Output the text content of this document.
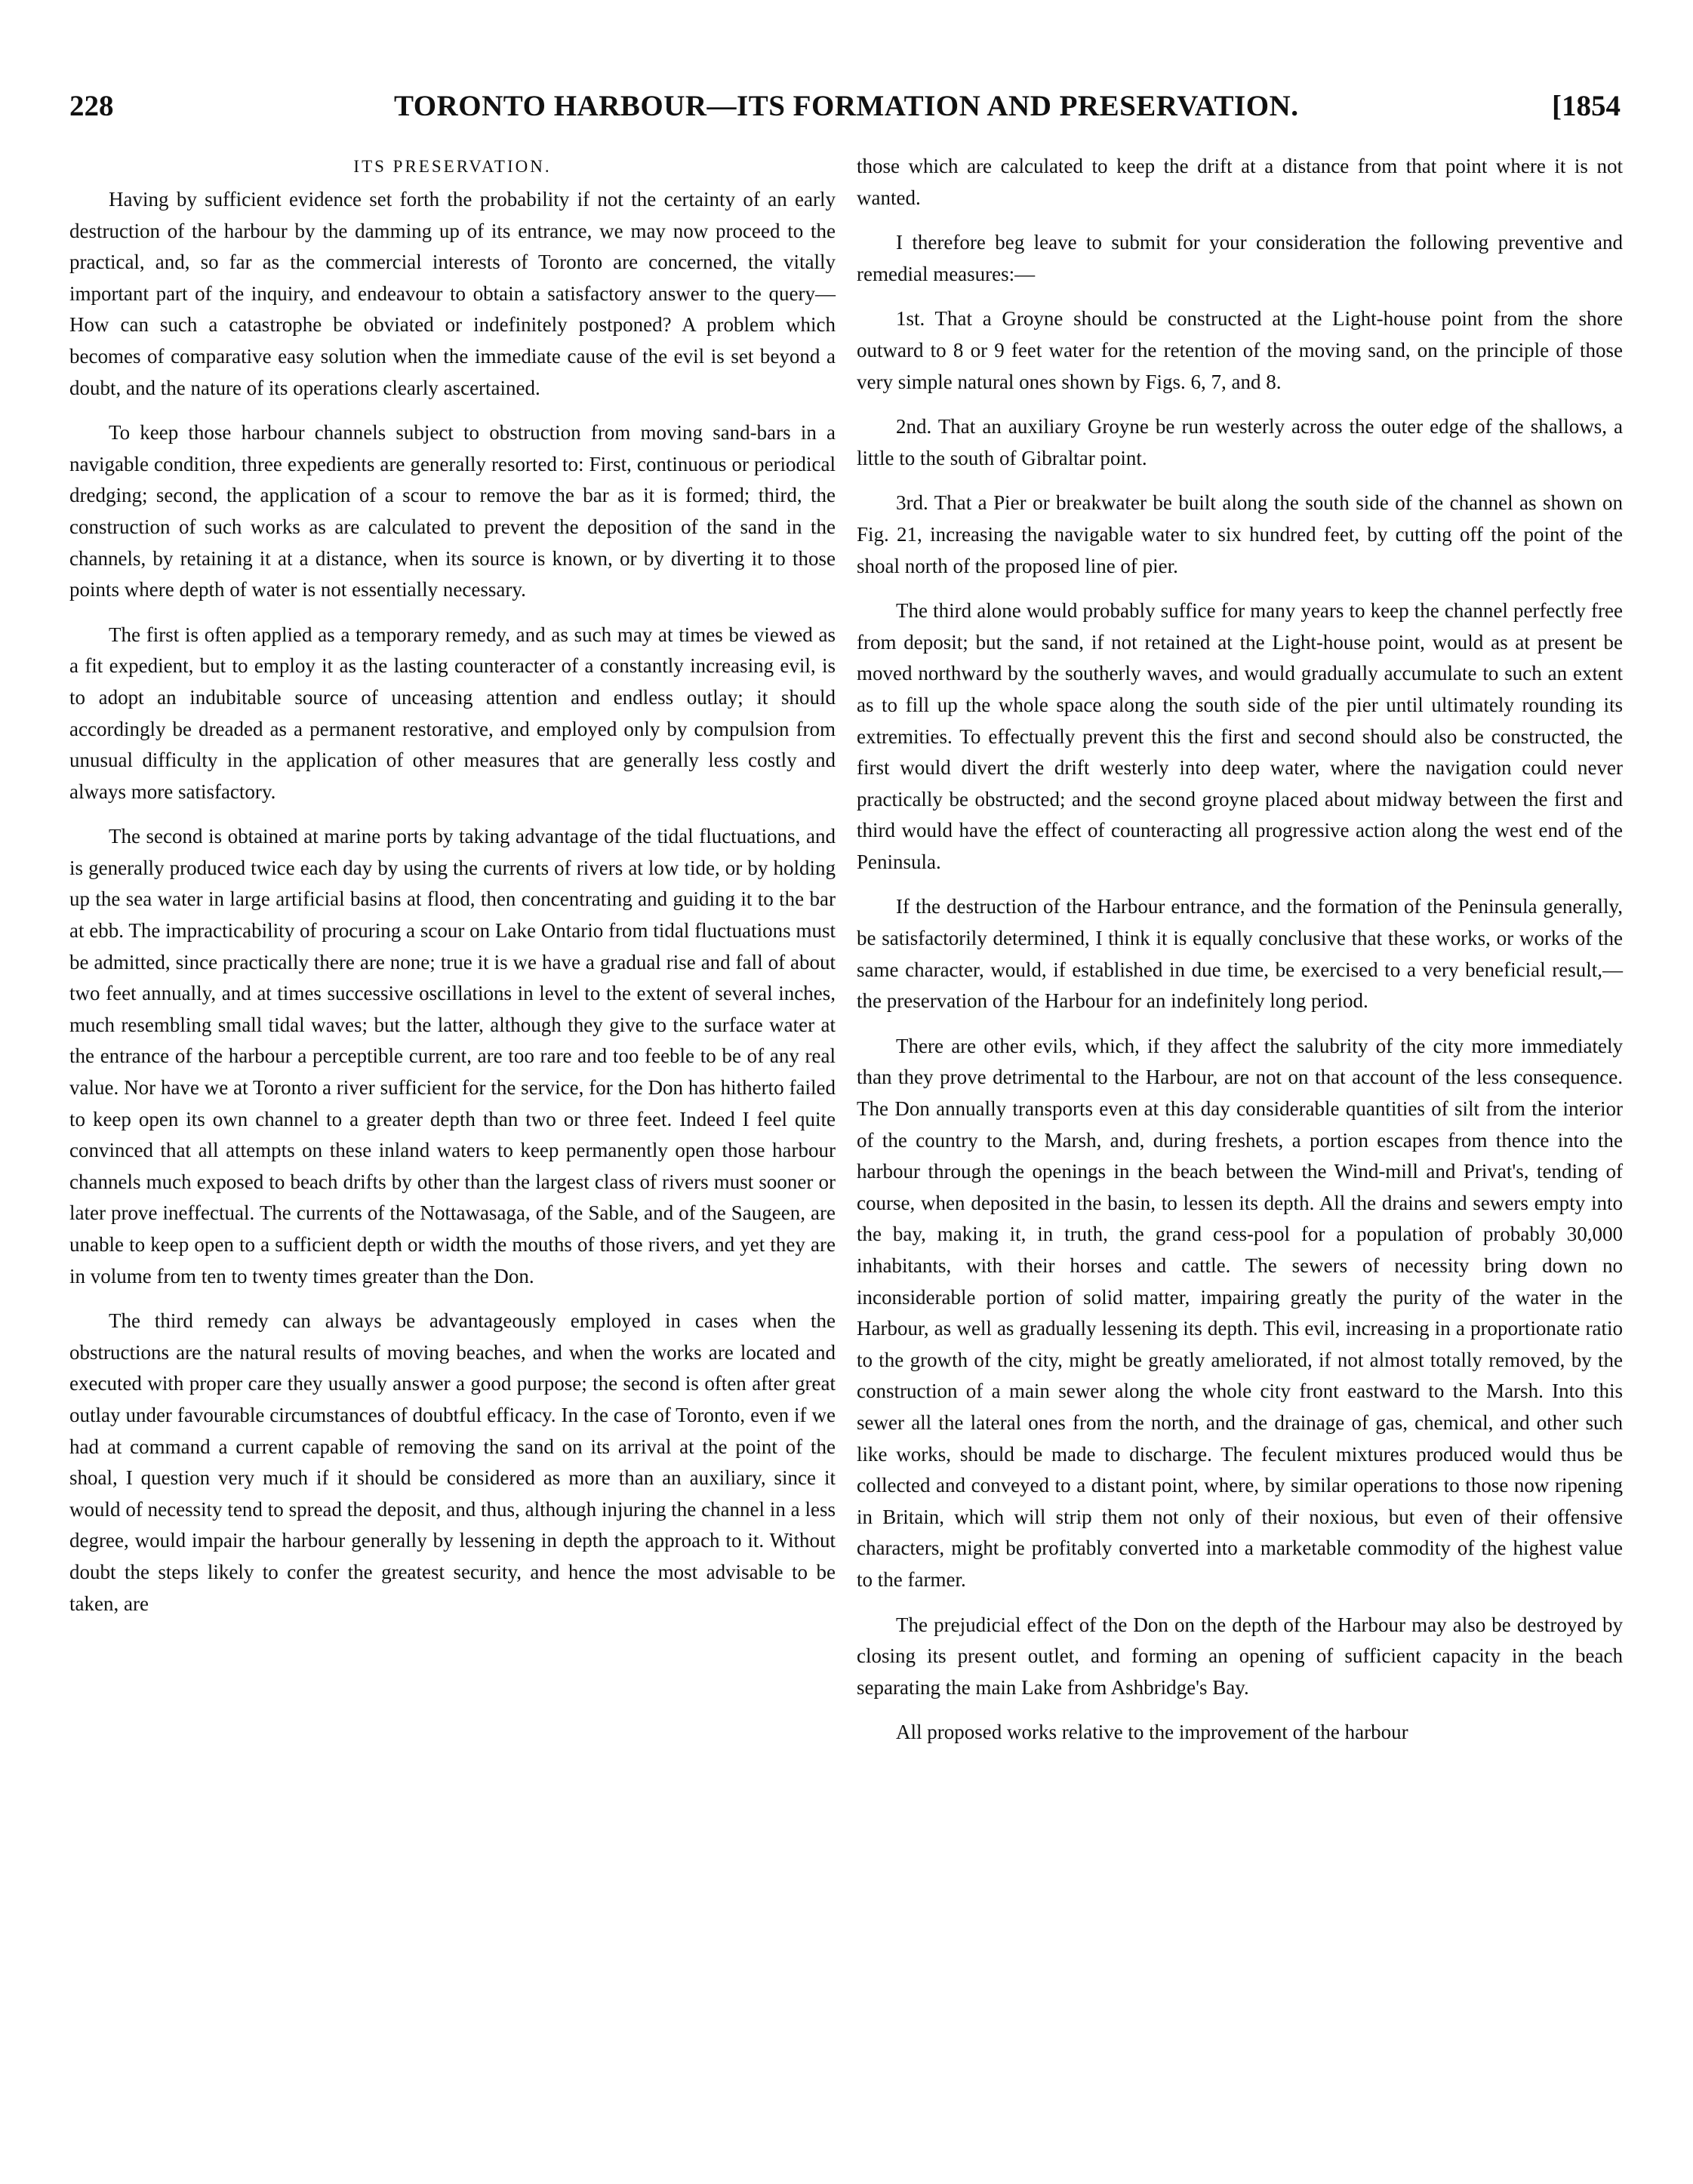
228	TORONTO HARBOUR—ITS FORMATION AND PRESERVATION.	[1854
ITS PRESERVATION.

Having by sufficient evidence set forth the probability if not the certainty of an early destruction of the harbour by the damming up of its entrance, we may now proceed to the practical, and, so far as the commercial interests of Toronto are concerned, the vitally important part of the inquiry, and endeavour to obtain a satisfactory answer to the query—How can such a catastrophe be obviated or indefinitely postponed? A problem which becomes of comparative easy solution when the immediate cause of the evil is set beyond a doubt, and the nature of its operations clearly ascertained.

To keep those harbour channels subject to obstruction from moving sand-bars in a navigable condition, three expedients are generally resorted to: First, continuous or periodical dredging; second, the application of a scour to remove the bar as it is formed; third, the construction of such works as are calculated to prevent the deposition of the sand in the channels, by retaining it at a distance, when its source is known, or by diverting it to those points where depth of water is not essentially necessary.

The first is often applied as a temporary remedy, and as such may at times be viewed as a fit expedient, but to employ it as the lasting counteracter of a constantly increasing evil, is to adopt an indubitable source of unceasing attention and endless outlay; it should accordingly be dreaded as a permanent restorative, and employed only by compulsion from unusual difficulty in the application of other measures that are generally less costly and always more satisfactory.

The second is obtained at marine ports by taking advantage of the tidal fluctuations, and is generally produced twice each day by using the currents of rivers at low tide, or by holding up the sea water in large artificial basins at flood, then concentrating and guiding it to the bar at ebb. The impracticability of procuring a scour on Lake Ontario from tidal fluctuations must be admitted, since practically there are none; true it is we have a gradual rise and fall of about two feet annually, and at times successive oscillations in level to the extent of several inches, much resembling small tidal waves; but the latter, although they give to the surface water at the entrance of the harbour a perceptible current, are too rare and too feeble to be of any real value. Nor have we at Toronto a river sufficient for the service, for the Don has hitherto failed to keep open its own channel to a greater depth than two or three feet. Indeed I feel quite convinced that all attempts on these inland waters to keep permanently open those harbour channels much exposed to beach drifts by other than the largest class of rivers must sooner or later prove ineffectual. The currents of the Nottawasaga, of the Sable, and of the Saugeen, are unable to keep open to a sufficient depth or width the mouths of those rivers, and yet they are in volume from ten to twenty times greater than the Don.

The third remedy can always be advantageously employed in cases when the obstructions are the natural results of moving beaches, and when the works are located and executed with proper care they usually answer a good purpose; the second is often after great outlay under favourable circumstances of doubtful efficacy. In the case of Toronto, even if we had at command a current capable of removing the sand on its arrival at the point of the shoal, I question very much if it should be considered as more than an auxiliary, since it would of necessity tend to spread the deposit, and thus, although injuring the channel in a less degree, would impair the harbour generally by lessening in depth the approach to it. Without doubt the steps likely to confer the greatest security, and hence the most advisable to be taken, are

those which are calculated to keep the drift at a distance from that point where it is not wanted.

I therefore beg leave to submit for your consideration the following preventive and remedial measures:—

1st. That a Groyne should be constructed at the Light-house point from the shore outward to 8 or 9 feet water for the retention of the moving sand, on the principle of those very simple natural ones shown by Figs. 6, 7, and 8.

2nd. That an auxiliary Groyne be run westerly across the outer edge of the shallows, a little to the south of Gibraltar point.

3rd. That a Pier or breakwater be built along the south side of the channel as shown on Fig. 21, increasing the navigable water to six hundred feet, by cutting off the point of the shoal north of the proposed line of pier.

The third alone would probably suffice for many years to keep the channel perfectly free from deposit; but the sand, if not retained at the Light-house point, would as at present be moved northward by the southerly waves, and would gradually accumulate to such an extent as to fill up the whole space along the south side of the pier until ultimately rounding its extremities. To effectually prevent this the first and second should also be constructed, the first would divert the drift westerly into deep water, where the navigation could never practically be obstructed; and the second groyne placed about midway between the first and third would have the effect of counteracting all progressive action along the west end of the Peninsula.

If the destruction of the Harbour entrance, and the formation of the Peninsula generally, be satisfactorily determined, I think it is equally conclusive that these works, or works of the same character, would, if established in due time, be exercised to a very beneficial result,—the preservation of the Harbour for an indefinitely long period.

There are other evils, which, if they affect the salubrity of the city more immediately than they prove detrimental to the Harbour, are not on that account of the less consequence. The Don annually transports even at this day considerable quantities of silt from the interior of the country to the Marsh, and, during freshets, a portion escapes from thence into the harbour through the openings in the beach between the Wind-mill and Privat's, tending of course, when deposited in the basin, to lessen its depth. All the drains and sewers empty into the bay, making it, in truth, the grand cess-pool for a population of probably 30,000 inhabitants, with their horses and cattle. The sewers of necessity bring down no inconsiderable portion of solid matter, impairing greatly the purity of the water in the Harbour, as well as gradually lessening its depth. This evil, increasing in a proportionate ratio to the growth of the city, might be greatly ameliorated, if not almost totally removed, by the construction of a main sewer along the whole city front eastward to the Marsh. Into this sewer all the lateral ones from the north, and the drainage of gas, chemical, and other such like works, should be made to discharge. The feculent mixtures produced would thus be collected and conveyed to a distant point, where, by similar operations to those now ripening in Britain, which will strip them not only of their noxious, but even of their offensive characters, might be profitably converted into a marketable commodity of the highest value to the farmer.

The prejudicial effect of the Don on the depth of the Harbour may also be destroyed by closing its present outlet, and forming an opening of sufficient capacity in the beach separating the main Lake from Ashbridge's Bay.

All proposed works relative to the improvement of the harbour
